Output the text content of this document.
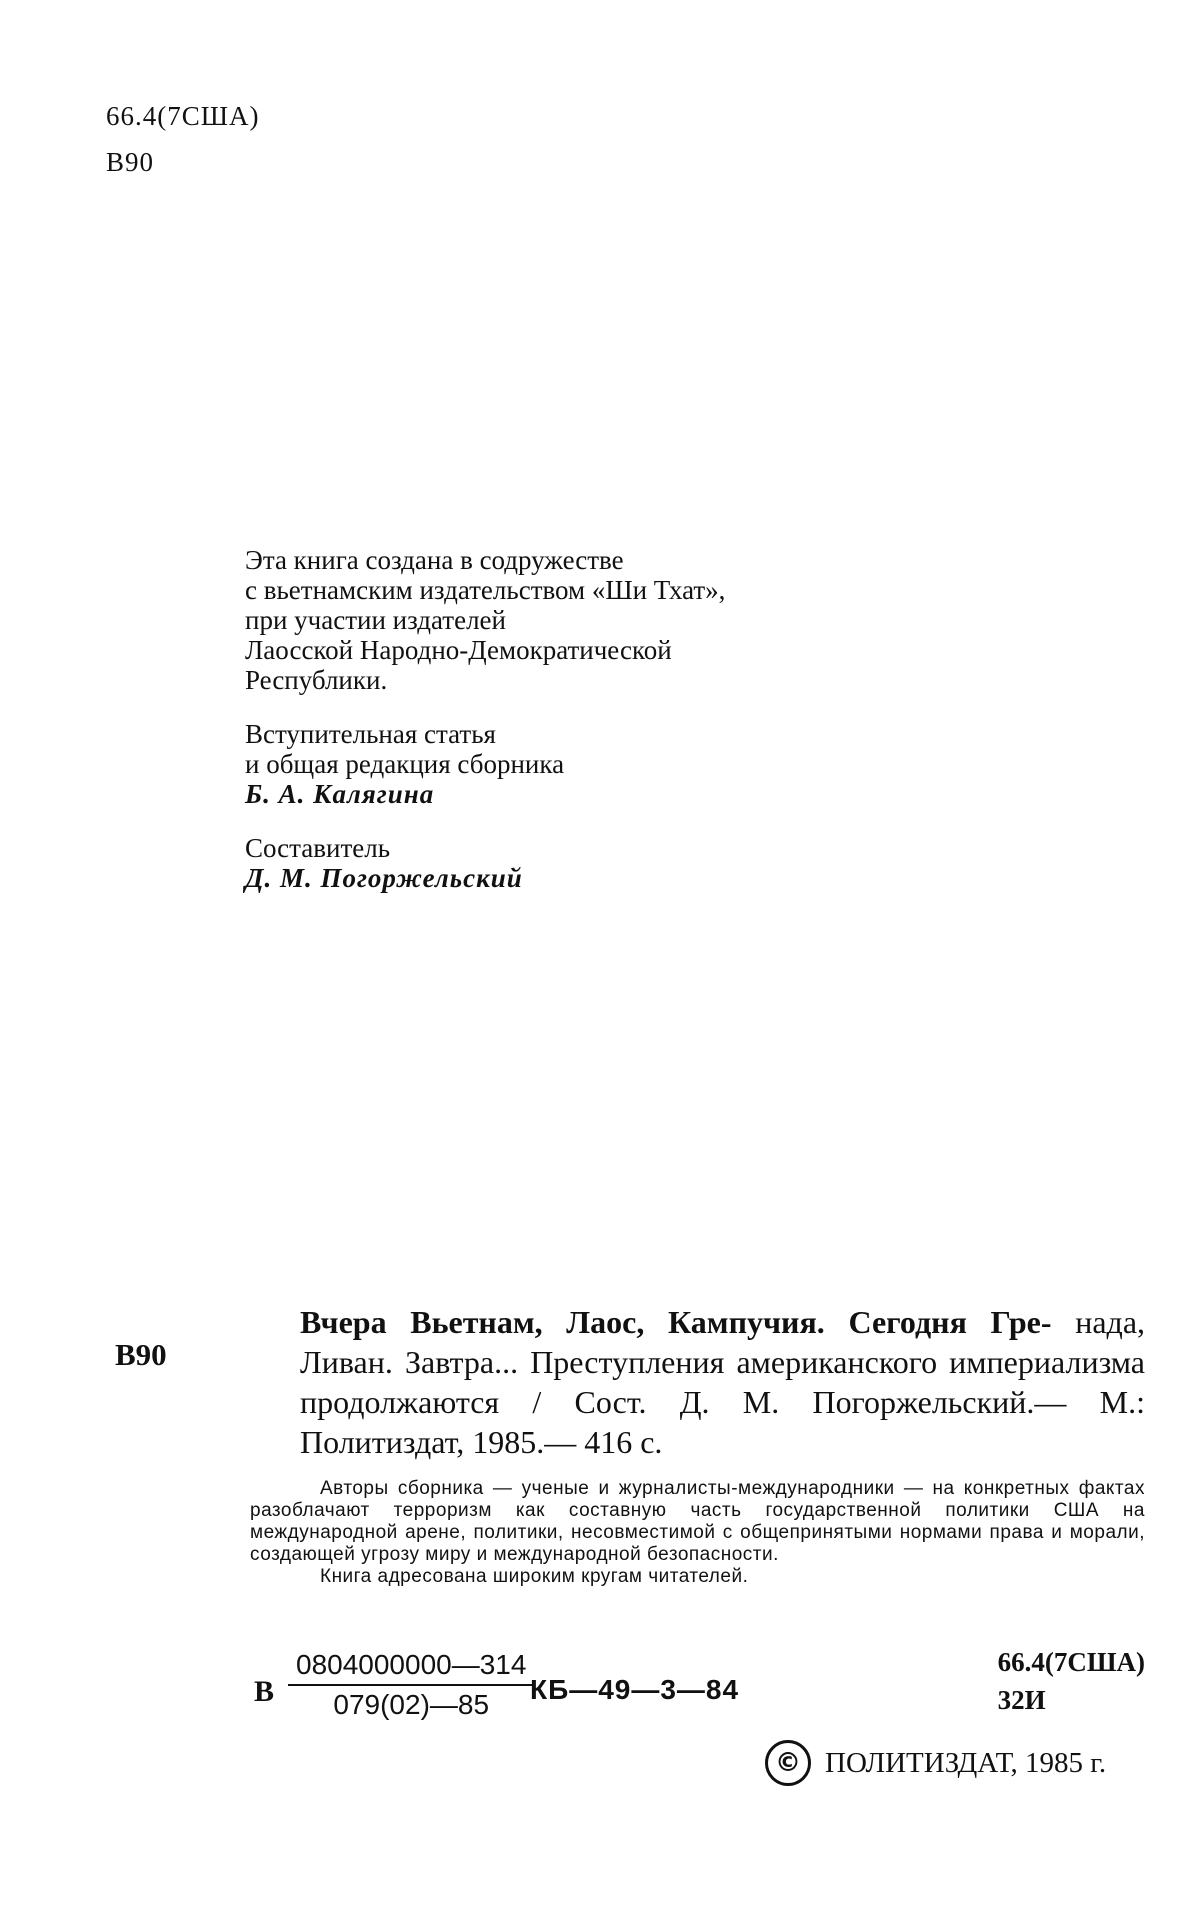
66.4(7США)
В90
Эта книга создана в содружестве
с вьетнамским издательством «Ши Тхат»,
при участии издателей
Лаосской Народно-Демократической
Республики.
Вступительная статья
и общая редакция сборника
Б. А. Калягина
Составитель
Д. М. Погоржельский
В90
Вчера Вьетнам, Лаос, Кампучия. Сегодня Гре- нада, Ливан. Завтра... Преступления американского империализма продолжаются / Сост. Д. М. Погоржельский.— М.: Политиздат, 1985.— 416 с.
Авторы сборника — ученые и журналисты-международники — на конкретных фактах разоблачают терроризм как составную часть государственной политики США на международной арене, политики, несовместимой с общепринятыми нормами права и морали, создающей угрозу миру и международной безопасности.
Книга адресована широким кругам читателей.
В $\frac{0804000000—314}{079(02)—85}$
КБ—49—3—84
66.4(7США)
32И
© ПОЛИТИЗДАТ, 1985 г.
